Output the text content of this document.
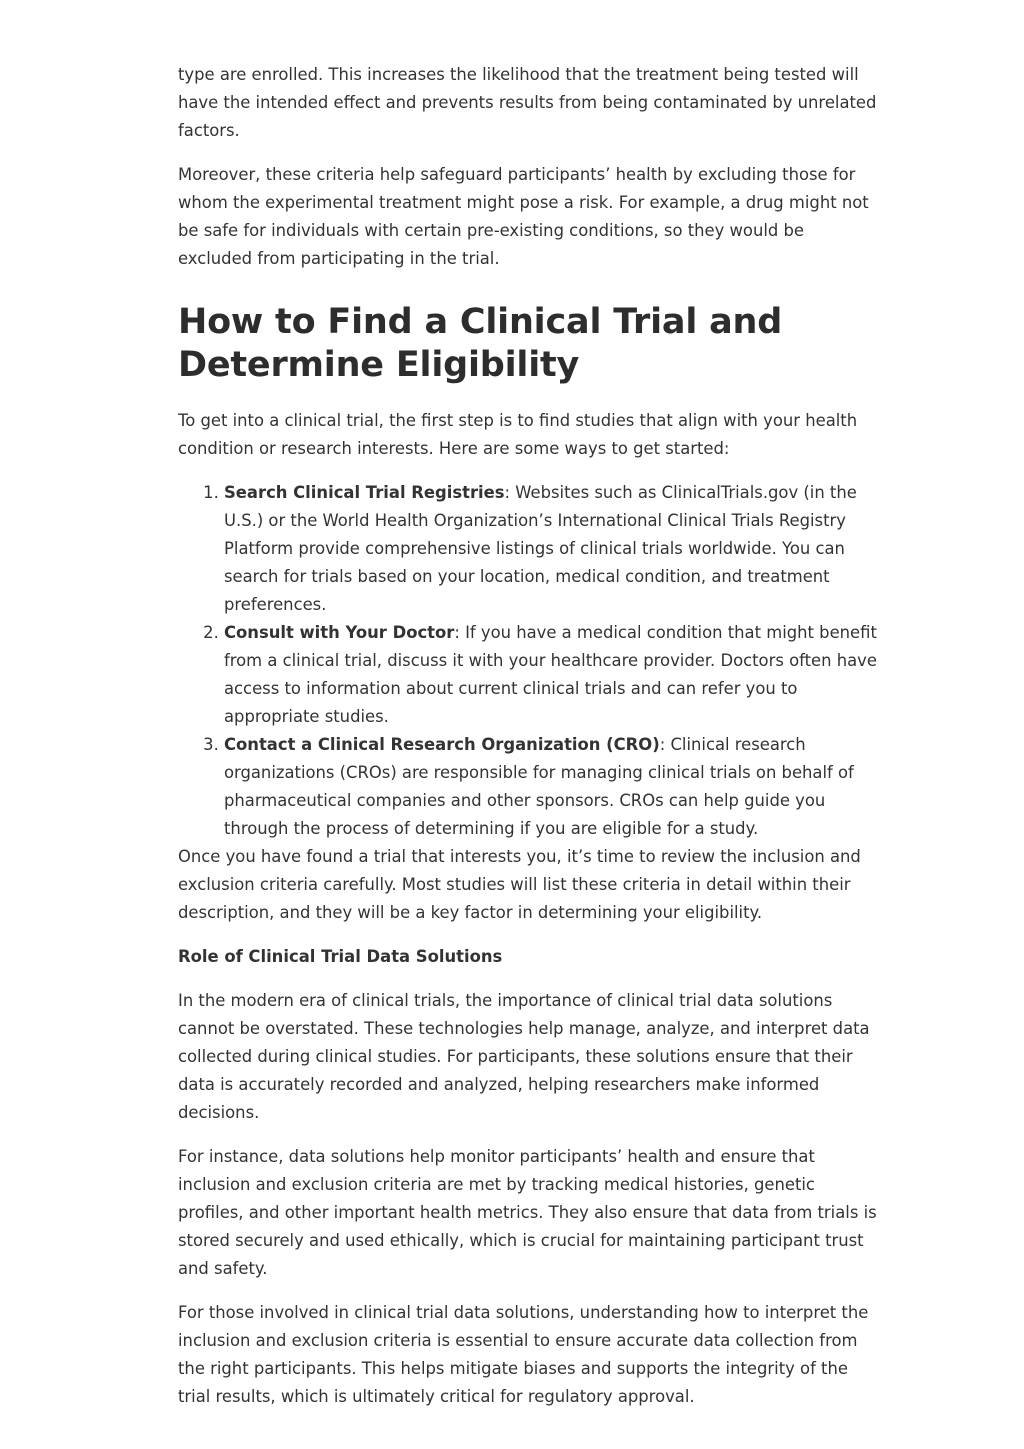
type are enrolled. This increases the likelihood that the treatment being tested will have the intended effect and prevents results from being contaminated by unrelated factors.

Moreover, these criteria help safeguard participants’ health by excluding those for whom the experimental treatment might pose a risk. For example, a drug might not be safe for individuals with certain pre-existing conditions, so they would be excluded from participating in the trial.

How to Find a Clinical Trial and Determine Eligibility

To get into a clinical trial, the first step is to find studies that align with your health condition or research interests. Here are some ways to get started:

1. Search Clinical Trial Registries: Websites such as ClinicalTrials.gov (in the U.S.) or the World Health Organization’s International Clinical Trials Registry Platform provide comprehensive listings of clinical trials worldwide. You can search for trials based on your location, medical condition, and treatment preferences.
2. Consult with Your Doctor: If you have a medical condition that might benefit from a clinical trial, discuss it with your healthcare provider. Doctors often have access to information about current clinical trials and can refer you to appropriate studies.
3. Contact a Clinical Research Organization (CRO): Clinical research organizations (CROs) are responsible for managing clinical trials on behalf of pharmaceutical companies and other sponsors. CROs can help guide you through the process of determining if you are eligible for a study.

Once you have found a trial that interests you, it’s time to review the inclusion and exclusion criteria carefully. Most studies will list these criteria in detail within their description, and they will be a key factor in determining your eligibility.

Role of Clinical Trial Data Solutions

In the modern era of clinical trials, the importance of clinical trial data solutions cannot be overstated. These technologies help manage, analyze, and interpret data collected during clinical studies. For participants, these solutions ensure that their data is accurately recorded and analyzed, helping researchers make informed decisions.

For instance, data solutions help monitor participants’ health and ensure that inclusion and exclusion criteria are met by tracking medical histories, genetic profiles, and other important health metrics. They also ensure that data from trials is stored securely and used ethically, which is crucial for maintaining participant trust and safety.

For those involved in clinical trial data solutions, understanding how to interpret the inclusion and exclusion criteria is essential to ensure accurate data collection from the right participants. This helps mitigate biases and supports the integrity of the trial results, which is ultimately critical for regulatory approval.
